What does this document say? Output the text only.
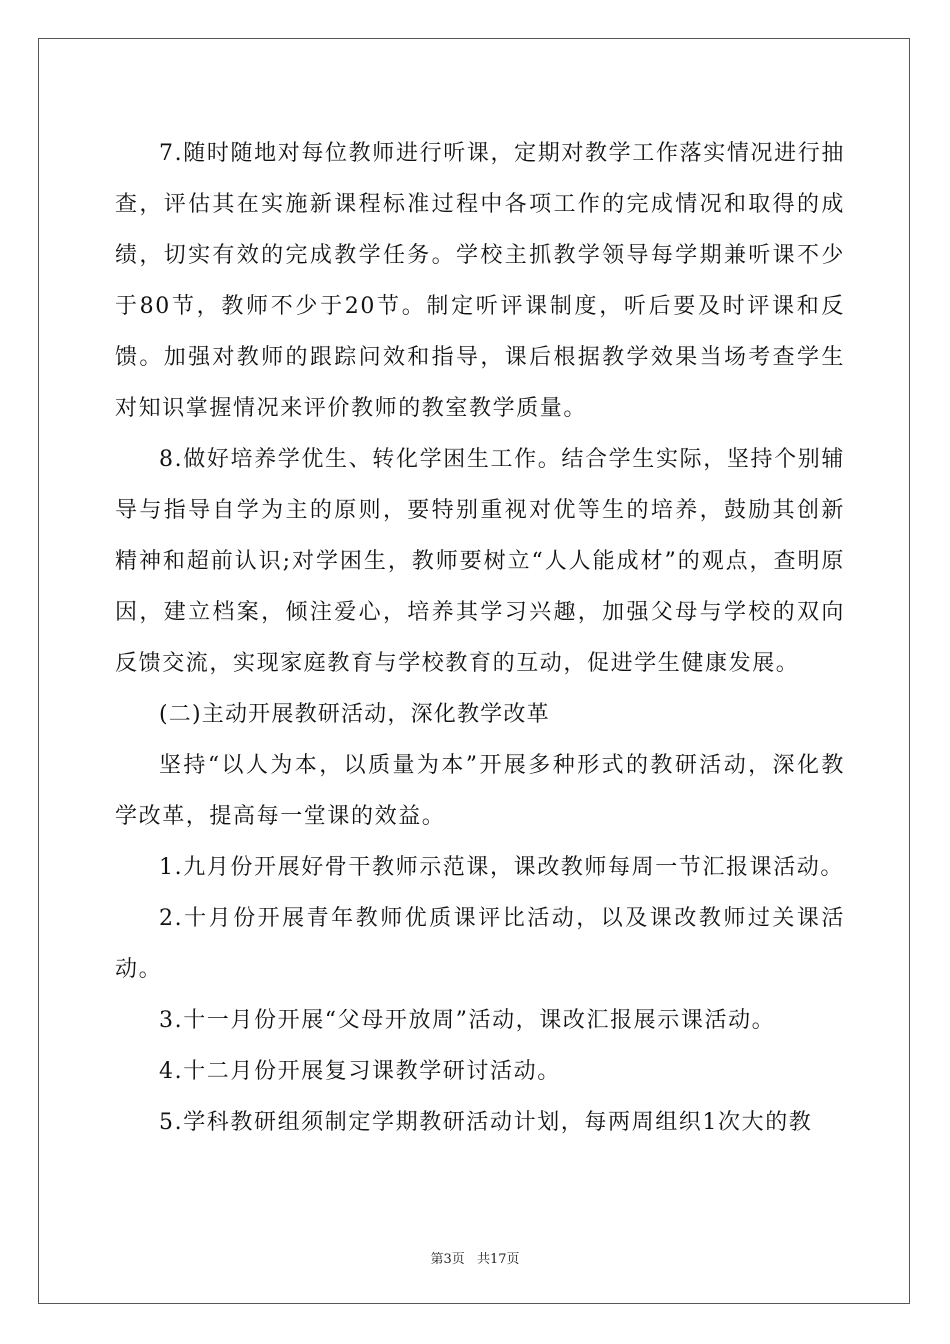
7.随时随地对每位教师进行听课，定期对教学工作落实情况进行抽查，评估其在实施新课程标准过程中各项工作的完成情况和取得的成绩，切实有效的完成教学任务。学校主抓教学领导每学期兼听课不少于80节，教师不少于20节。制定听评课制度，听后要及时评课和反馈。加强对教师的跟踪问效和指导，课后根据教学效果当场考查学生对知识掌握情况来评价教师的教室教学质量。

8.做好培养学优生、转化学困生工作。结合学生实际，坚持个别辅导与指导自学为主的原则，要特别重视对优等生的培养，鼓励其创新精神和超前认识;对学困生，教师要树立“人人能成材”的观点，查明原因，建立档案，倾注爱心，培养其学习兴趣，加强父母与学校的双向反馈交流，实现家庭教育与学校教育的互动，促进学生健康发展。

(二)主动开展教研活动，深化教学改革

坚持“以人为本，以质量为本”开展多种形式的教研活动，深化教学改革，提高每一堂课的效益。

1.九月份开展好骨干教师示范课，课改教师每周一节汇报课活动。

2.十月份开展青年教师优质课评比活动，以及课改教师过关课活动。

3.十一月份开展“父母开放周”活动，课改汇报展示课活动。

4.十二月份开展复习课教学研讨活动。

5.学科教研组须制定学期教研活动计划，每两周组织1次大的教

第3页 共17页
